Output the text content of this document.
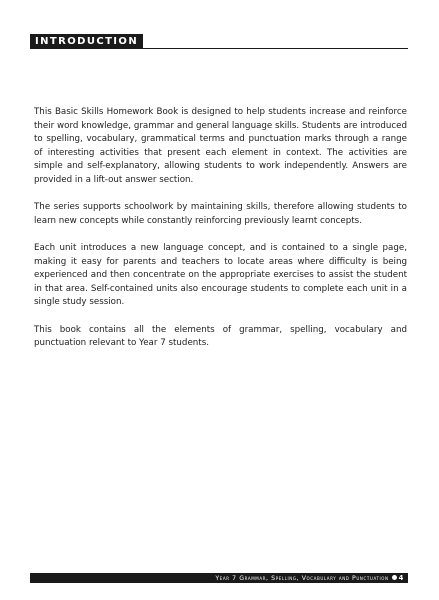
INTRODUCTION

This Basic Skills Homework Book is designed to help students increase and reinforce their word knowledge, grammar and general language skills. Students are introduced to spelling, vocabulary, grammatical terms and punctuation marks through a range of interesting activities that present each element in context. The activities are simple and self-explanatory, allowing students to work independently. Answers are provided in a lift-out answer section.

The series supports schoolwork by maintaining skills, therefore allowing students to learn new concepts while constantly reinforcing previously learnt concepts.

Each unit introduces a new language concept, and is contained to a single page, making it easy for parents and teachers to locate areas where difficulty is being experienced and then concentrate on the appropriate exercises to assist the student in that area. Self-contained units also encourage students to complete each unit in a single study session.

This book contains all the elements of grammar, spelling, vocabulary and punctuation relevant to Year 7 students.

Year 7 Grammar, Spelling, Vocabulary and Punctuation 4
